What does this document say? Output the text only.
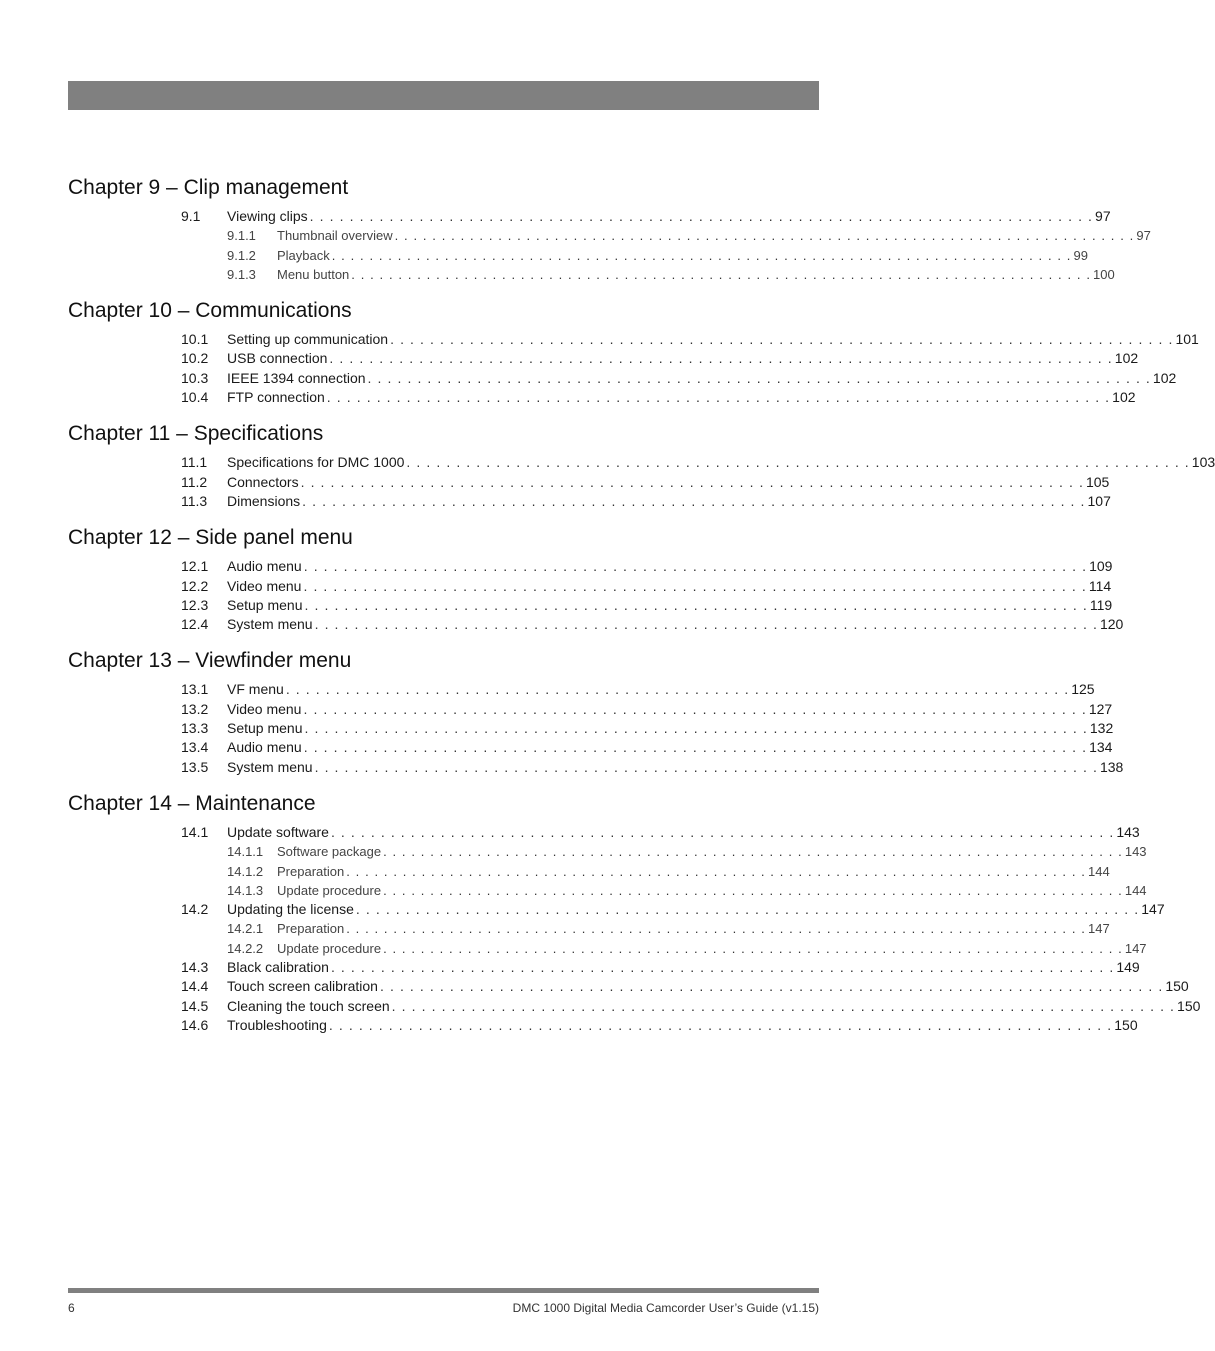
Chapter 9 – Clip management
9.1	Viewing clips . . . . . . . . . . . . . . . . . . . . . . . . . . . . . . . . . . . . . . . . . . . . . . . . . . . . . . . . . . . . . . . . . . . . . . . . . . . . . . . 97
9.1.1	Thumbnail overview . . . . . . . . . . . . . . . . . . . . . . . . . . . . . . . . . . . . . . . . . . . . . . . . . . . . . . . . . . . . . . . . . . . . . . . . . . . . . . . 97
9.1.2	Playback . . . . . . . . . . . . . . . . . . . . . . . . . . . . . . . . . . . . . . . . . . . . . . . . . . . . . . . . . . . . . . . . . . . . . . . . . . . . . . . 99
9.1.3	Menu button . . . . . . . . . . . . . . . . . . . . . . . . . . . . . . . . . . . . . . . . . . . . . . . . . . . . . . . . . . . . . . . . . . . . . . . . . . . . . . . 100
Chapter 10 – Communications
10.1	Setting up communication . . . . . . . . . . . . . . . . . . . . . . . . . . . . . . . . . . . . . . . . . . . . . . . . . . . . . . . . . . . . . . . . . . . . . . . . . . . . . . . 101
10.2	USB connection . . . . . . . . . . . . . . . . . . . . . . . . . . . . . . . . . . . . . . . . . . . . . . . . . . . . . . . . . . . . . . . . . . . . . . . . . . . . . . . 102
10.3	IEEE 1394 connection . . . . . . . . . . . . . . . . . . . . . . . . . . . . . . . . . . . . . . . . . . . . . . . . . . . . . . . . . . . . . . . . . . . . . . . . . . . . . . . 102
10.4	FTP connection . . . . . . . . . . . . . . . . . . . . . . . . . . . . . . . . . . . . . . . . . . . . . . . . . . . . . . . . . . . . . . . . . . . . . . . . . . . . . . . 102
Chapter 11 – Specifications
11.1	Specifications for DMC 1000 . . . . . . . . . . . . . . . . . . . . . . . . . . . . . . . . . . . . . . . . . . . . . . . . . . . . . . . . . . . . . . . . . . . . . . . . . . . . . . . 103
11.2	Connectors . . . . . . . . . . . . . . . . . . . . . . . . . . . . . . . . . . . . . . . . . . . . . . . . . . . . . . . . . . . . . . . . . . . . . . . . . . . . . . . 105
11.3	Dimensions . . . . . . . . . . . . . . . . . . . . . . . . . . . . . . . . . . . . . . . . . . . . . . . . . . . . . . . . . . . . . . . . . . . . . . . . . . . . . . . 107
Chapter 12 – Side panel menu
12.1	Audio menu . . . . . . . . . . . . . . . . . . . . . . . . . . . . . . . . . . . . . . . . . . . . . . . . . . . . . . . . . . . . . . . . . . . . . . . . . . . . . . . 109
12.2	Video menu . . . . . . . . . . . . . . . . . . . . . . . . . . . . . . . . . . . . . . . . . . . . . . . . . . . . . . . . . . . . . . . . . . . . . . . . . . . . . . . 114
12.3	Setup menu . . . . . . . . . . . . . . . . . . . . . . . . . . . . . . . . . . . . . . . . . . . . . . . . . . . . . . . . . . . . . . . . . . . . . . . . . . . . . . . 119
12.4	System menu . . . . . . . . . . . . . . . . . . . . . . . . . . . . . . . . . . . . . . . . . . . . . . . . . . . . . . . . . . . . . . . . . . . . . . . . . . . . . . . 120
Chapter 13 – Viewfinder menu
13.1	VF menu . . . . . . . . . . . . . . . . . . . . . . . . . . . . . . . . . . . . . . . . . . . . . . . . . . . . . . . . . . . . . . . . . . . . . . . . . . . . . . . 125
13.2	Video menu . . . . . . . . . . . . . . . . . . . . . . . . . . . . . . . . . . . . . . . . . . . . . . . . . . . . . . . . . . . . . . . . . . . . . . . . . . . . . . . 127
13.3	Setup menu . . . . . . . . . . . . . . . . . . . . . . . . . . . . . . . . . . . . . . . . . . . . . . . . . . . . . . . . . . . . . . . . . . . . . . . . . . . . . . . 132
13.4	Audio menu . . . . . . . . . . . . . . . . . . . . . . . . . . . . . . . . . . . . . . . . . . . . . . . . . . . . . . . . . . . . . . . . . . . . . . . . . . . . . . . 134
13.5	System menu . . . . . . . . . . . . . . . . . . . . . . . . . . . . . . . . . . . . . . . . . . . . . . . . . . . . . . . . . . . . . . . . . . . . . . . . . . . . . . . 138
Chapter 14 – Maintenance
14.1	Update software . . . . . . . . . . . . . . . . . . . . . . . . . . . . . . . . . . . . . . . . . . . . . . . . . . . . . . . . . . . . . . . . . . . . . . . . . . . . . . . 143
14.1.1	Software package . . . . . . . . . . . . . . . . . . . . . . . . . . . . . . . . . . . . . . . . . . . . . . . . . . . . . . . . . . . . . . . . . . . . . . . . . . . . . . . 143
14.1.2	Preparation . . . . . . . . . . . . . . . . . . . . . . . . . . . . . . . . . . . . . . . . . . . . . . . . . . . . . . . . . . . . . . . . . . . . . . . . . . . . . . . 144
14.1.3	Update procedure . . . . . . . . . . . . . . . . . . . . . . . . . . . . . . . . . . . . . . . . . . . . . . . . . . . . . . . . . . . . . . . . . . . . . . . . . . . . . . . 144
14.2	Updating the license . . . . . . . . . . . . . . . . . . . . . . . . . . . . . . . . . . . . . . . . . . . . . . . . . . . . . . . . . . . . . . . . . . . . . . . . . . . . . . . 147
14.2.1	Preparation . . . . . . . . . . . . . . . . . . . . . . . . . . . . . . . . . . . . . . . . . . . . . . . . . . . . . . . . . . . . . . . . . . . . . . . . . . . . . . . 147
14.2.2	Update procedure . . . . . . . . . . . . . . . . . . . . . . . . . . . . . . . . . . . . . . . . . . . . . . . . . . . . . . . . . . . . . . . . . . . . . . . . . . . . . . . 147
14.3	Black calibration . . . . . . . . . . . . . . . . . . . . . . . . . . . . . . . . . . . . . . . . . . . . . . . . . . . . . . . . . . . . . . . . . . . . . . . . . . . . . . . 149
14.4	Touch screen calibration . . . . . . . . . . . . . . . . . . . . . . . . . . . . . . . . . . . . . . . . . . . . . . . . . . . . . . . . . . . . . . . . . . . . . . . . . . . . . . . 150
14.5	Cleaning the touch screen . . . . . . . . . . . . . . . . . . . . . . . . . . . . . . . . . . . . . . . . . . . . . . . . . . . . . . . . . . . . . . . . . . . . . . . . . . . . . . . 150
14.6	Troubleshooting . . . . . . . . . . . . . . . . . . . . . . . . . . . . . . . . . . . . . . . . . . . . . . . . . . . . . . . . . . . . . . . . . . . . . . . . . . . . . . . 150
6	DMC 1000 Digital Media Camcorder User’s Guide (v1.15)
